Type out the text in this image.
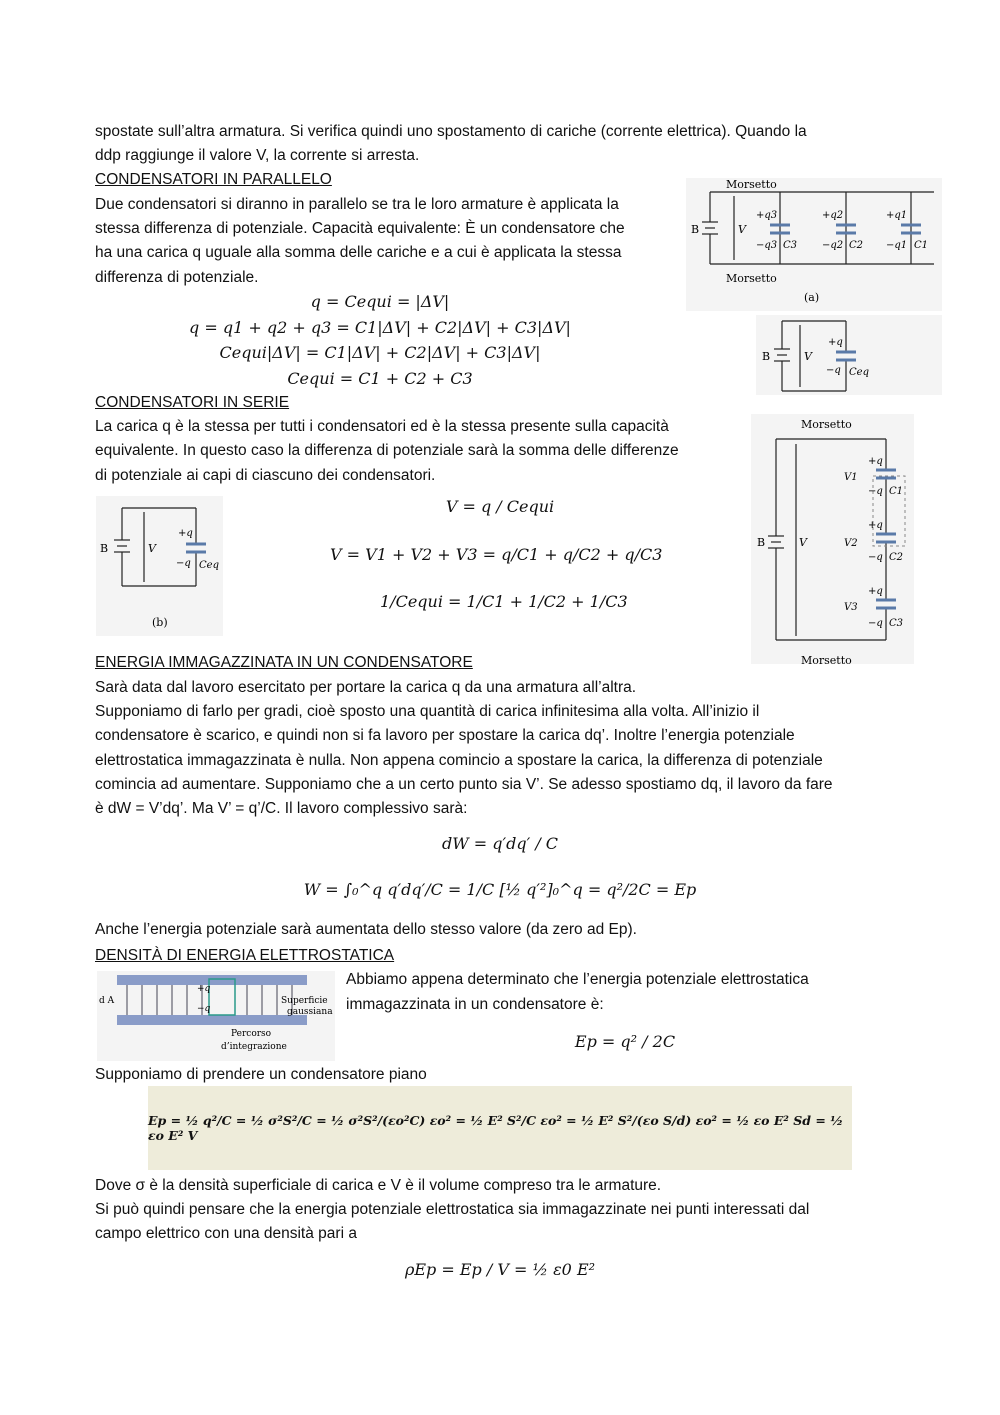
spostate sull’altra armatura. Si verifica quindi uno spostamento di cariche (corrente elettrica). Quando la
ddp raggiunge il valore V, la corrente si arresta.
CONDENSATORI IN PARALLELO
Due condensatori si diranno in parallelo se tra le loro armature è applicata la
stessa differenza di potenziale. Capacità equivalente: È un condensatore che
ha una carica q uguale alla somma delle cariche e a cui è applicata la stessa
differenza di potenziale.
q = Cequi = |ΔV|
q = q1 + q2 + q3 = C1|ΔV| + C2|ΔV| + C3|ΔV|
Cequi|ΔV| = C1|ΔV| + C2|ΔV| + C3|ΔV|
Cequi = C1 + C2 + C3
Morsetto
Morsetto
B	V
+q3
−q3 C3
+q2
−q2 C2
+q1
−q1 C1
(a)
B	V
+q
−q Ceq
CONDENSATORI IN SERIE
La carica q è la stessa per tutti i condensatori ed è la stessa presente sulla capacità
equivalente. In questo caso la differenza di potenziale sarà la somma delle differenze
di potenziale ai capi di ciascuno dei condensatori.
B	V
+q
−q Ceq
(b)
V = q / Cequi
V = V1 + V2 + V3 = q/C1 + q/C2 + q/C3
1/Cequi = 1/C1 + 1/C2 + 1/C3
Morsetto
Morsetto
B	V
V1
+q
−q C1
V2
+q
−q C2
V3
+q
−q C3
ENERGIA IMMAGAZZINATA IN UN CONDENSATORE
Sarà data dal lavoro esercitato per portare la carica q da una armatura all’altra.
Supponiamo di farlo per gradi, cioè sposto una quantità di carica infinitesima alla volta. All’inizio il
condensatore è scarico, e quindi non si fa lavoro per spostare la carica dq’. Inoltre l’energia potenziale
elettrostatica immagazzinata è nulla. Non appena comincio a spostare la carica, la differenza di potenziale
comincia ad aumentare. Supponiamo che a un certo punto sia V’. Se adesso spostiamo dq, il lavoro da fare
è dW = V’dq’. Ma V’ = q’/C. Il lavoro complessivo sarà:
dW = q′dq′ / C
W = ∫₀^q q′dq′/C = 1/C [½ q′²]₀^q = q²/2C = Ep
Anche l’energia potenziale sarà aumentata dello stesso valore (da zero ad Ep).
DENSITÀ DI ENERGIA ELETTROSTATICA
d A
+q
−q
Superficie
gaussiana
Percorso
d’integrazione
Abbiamo appena determinato che l’energia potenziale elettrostatica
immagazzinata in un condensatore è:
Ep = q² / 2C
Supponiamo di prendere un condensatore piano
Ep = ½ q²/C = ½ σ²S²/C = ½ σ²S²/(εo²C) εo² = ½ E² S²/C εo² = ½ E² S²/(εo S/d) εo² = ½ εo E² Sd = ½ εo E² V
Dove σ è la densità superficiale di carica e V è il volume compreso tra le armature.
Si può quindi pensare che la energia potenziale elettrostatica sia immagazzinate nei punti interessati dal
campo elettrico con una densità pari a
ρEp = Ep / V = ½ ε0 E²
